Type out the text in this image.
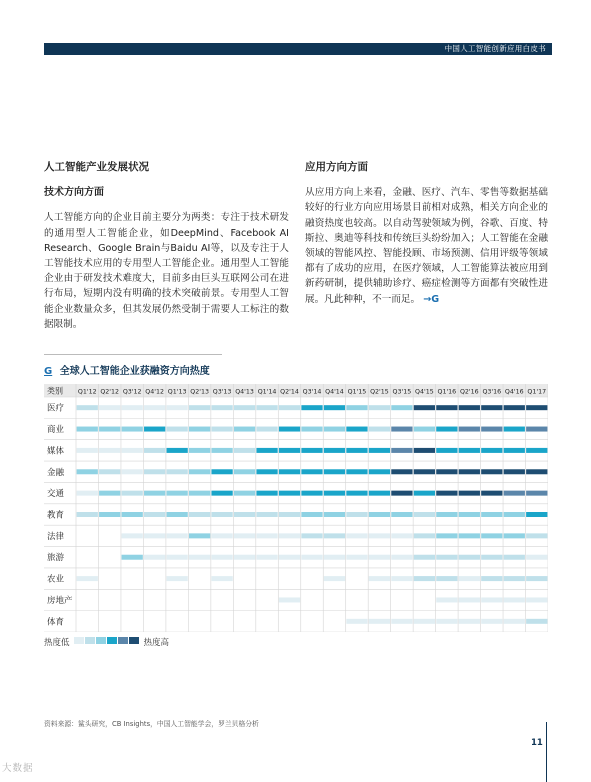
中国人工智能创新应用白皮书
人工智能产业发展状况
技术方向方面

人工智能方向的企业目前主要分为两类：专注于技术研发的通用型人工智能企业，如DeepMind、Facebook AI Research、Google Brain与Baidu AI等，以及专注于人工智能技术应用的专用型人工智能企业。通用型人工智能企业由于研发技术难度大，目前多由巨头互联网公司在进行布局，短期内没有明确的技术突破前景。专用型人工智能企业数量众多，但其发展仍然受制于需要人工标注的数据限制。

应用方向方面

从应用方向上来看，金融、医疗、汽车、零售等数据基础较好的行业方向应用场景目前相对成熟，相关方向企业的融资热度也较高。以自动驾驶领域为例，谷歌、百度、特斯拉、奥迪等科技和传统巨头纷纷加入；人工智能在金融领域的智能风控、智能投顾、市场预测、信用评级等领域都有了成功的应用，在医疗领域，人工智能算法被应用到新药研制，提供辅助诊疗、癌症检测等方面都有突破性进展。凡此种种，不一而足。 →G

G 全球人工智能企业获融资方向热度
类别 Q1'12 Q2'12 Q3'12 Q4'12 Q1'13 Q2'13 Q3'13 Q4'13 Q1'14 Q2'14 Q3'14 Q4'14 Q1'15 Q2'15 Q3'15 Q4'15 Q1'16 Q2'16 Q3'16 Q4'16 Q1'17
医疗
商业
媒体
金融
交通
教育
法律
旅游
农业
房地产
体育
热度低	热度高
资料来源：鲨头研究，CB Insights，中国人工智能学会，罗兰贝格分析
11
大数据
